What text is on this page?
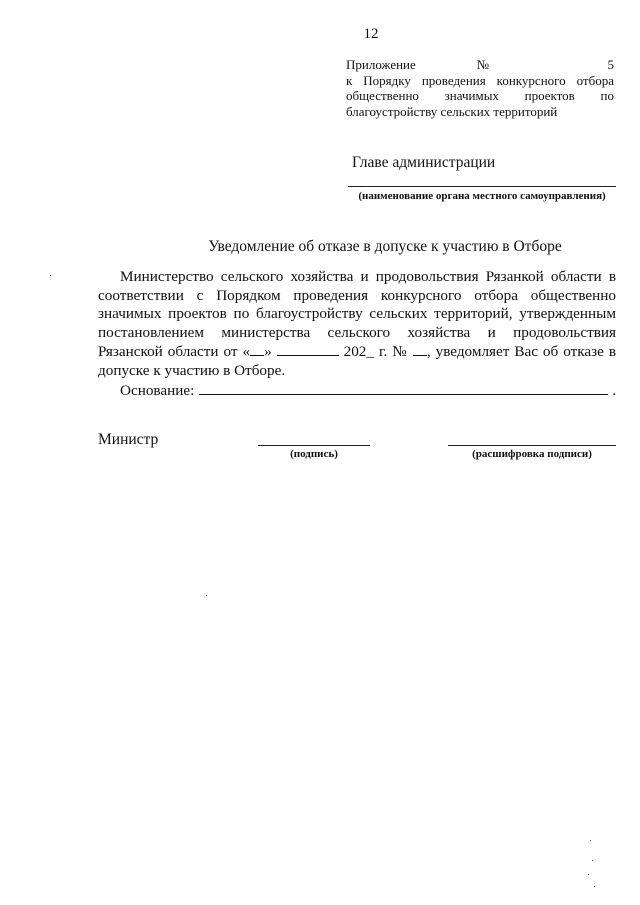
12
Приложение № 5
к Порядку проведения конкурсного отбора
общественно значимых проектов по
благоустройству сельских территорий
Главе администрации
(наименование органа местного самоуправления)
Уведомление об отказе в допуске к участию в Отборе

Министерство сельского хозяйства и продовольствия Рязанкой области в соответствии с Порядком проведения конкурсного отбора общественно значимых проектов по благоустройству сельских территорий, утвержденным постановлением министерства сельского хозяйства и продовольствия Рязанской области от « »	202_ г. № , уведомляет Вас об отказе в допуске к участию в Отборе.

Основание:	.
Министр
(подпись)	(расшифровка подписи)
